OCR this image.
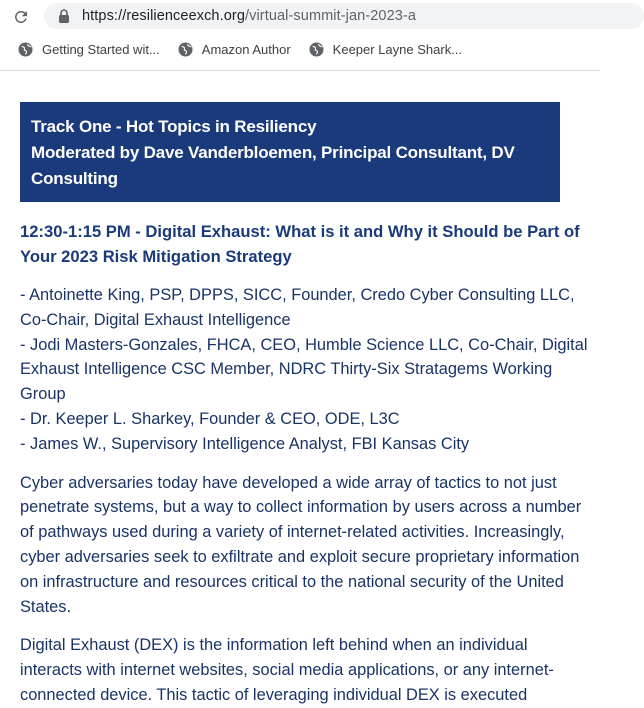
https://resilienceexch.org/virtual-summit-jan-2023-a
Getting Started wit...	Amazon Author	Keeper Layne Shark...
Track One - Hot Topics in Resiliency
Moderated by Dave Vanderbloemen, Principal Consultant, DV Consulting
12:30-1:15 PM - Digital Exhaust: What is it and Why it Should be Part of Your 2023 Risk Mitigation Strategy
- Antoinette King, PSP, DPPS, SICC, Founder, Credo Cyber Consulting LLC, Co-Chair, Digital Exhaust Intelligence
- Jodi Masters-Gonzales, FHCA, CEO, Humble Science LLC, Co-Chair, Digital Exhaust Intelligence CSC Member, NDRC Thirty-Six Stratagems Working Group
- Dr. Keeper L. Sharkey, Founder & CEO, ODE, L3C
- James W., Supervisory Intelligence Analyst, FBI Kansas City
Cyber adversaries today have developed a wide array of tactics to not just penetrate systems, but a way to collect information by users across a number of pathways used during a variety of internet-related activities. Increasingly, cyber adversaries seek to exfiltrate and exploit secure proprietary information on infrastructure and resources critical to the national security of the United States.
Digital Exhaust (DEX) is the information left behind when an individual interacts with internet websites, social media applications, or any internet-connected device. This tactic of leveraging individual DEX is executed
